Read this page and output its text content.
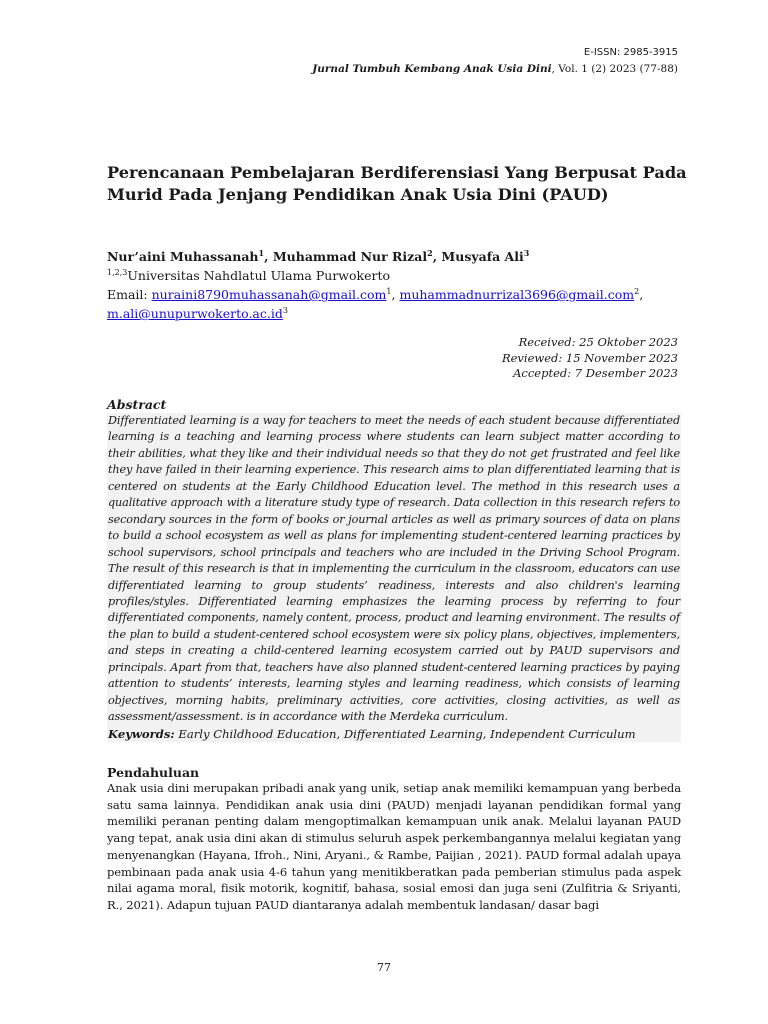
E-ISSN: 2985-3915
Jurnal Tumbuh Kembang Anak Usia Dini, Vol. 1 (2) 2023 (77-88)
Perencanaan Pembelajaran Berdiferensiasi Yang Berpusat Pada Murid Pada Jenjang Pendidikan Anak Usia Dini (PAUD)
Nur’aini Muhassanah$^1$, Muhammad Nur Rizal$^2$, Musyafa Ali$^3$
$^{1,2,3}$Universitas Nahdlatul Ulama Purwokerto
Email: nuraini8790muhassanah@gmail.com$^1$, muhammadnurrizal3696@gmail.com$^2$,
$m.ali@unupurwokerto.ac.id^3$
Received: 25 Oktober 2023
Reviewed: 15 November 2023
Accepted: 7 Desember 2023
Abstract

Differentiated learning is a way for teachers to meet the needs of each student because differentiated learning is a teaching and learning process where students can learn subject matter according to their abilities, what they like and their individual needs so that they do not get frustrated and feel like they have failed in their learning experience. This research aims to plan differentiated learning that is centered on students at the Early Childhood Education level. The method in this research uses a qualitative approach with a literature study type of research. Data collection in this research refers to secondary sources in the form of books or journal articles as well as primary sources of data on plans to build a school ecosystem as well as plans for implementing student-centered learning practices by school supervisors, school principals and teachers who are included in the Driving School Program. The result of this research is that in implementing the curriculum in the classroom, educators can use differentiated learning to group students’ readiness, interests and also children's learning profiles/styles. Differentiated learning emphasizes the learning process by referring to four differentiated components, namely content, process, product and learning environment. The results of the plan to build a student-centered school ecosystem were six policy plans, objectives, implementers, and steps in creating a child-centered learning ecosystem carried out by PAUD supervisors and principals. Apart from that, teachers have also planned student-centered learning practices by paying attention to students’ interests, learning styles and learning readiness, which consists of learning objectives, morning habits, preliminary activities, core activities, closing activities, as well as assessment/assessment. is in accordance with the Merdeka curriculum.

Keywords: Early Childhood Education, Differentiated Learning, Independent Curriculum

Pendahuluan

Anak usia dini merupakan pribadi anak yang unik, setiap anak memiliki kemampuan yang berbeda satu sama lainnya. Pendidikan anak usia dini (PAUD) menjadi layanan pendidikan formal yang memiliki peranan penting dalam mengoptimalkan kemampuan unik anak. Melalui layanan PAUD yang tepat, anak usia dini akan di stimulus seluruh aspek perkembangannya melalui kegiatan yang menyenangkan (Hayana, Ifroh., Nini, Aryani., & Rambe, Paijian , 2021). PAUD formal adalah upaya pembinaan pada anak usia 4-6 tahun yang menitikberatkan pada pemberian stimulus pada aspek nilai agama moral, fisik motorik, kognitif, bahasa, sosial emosi dan juga seni (Zulfitria & Sriyanti, R., 2021). Adapun tujuan PAUD diantaranya adalah membentuk landasan/ dasar bagi

77
